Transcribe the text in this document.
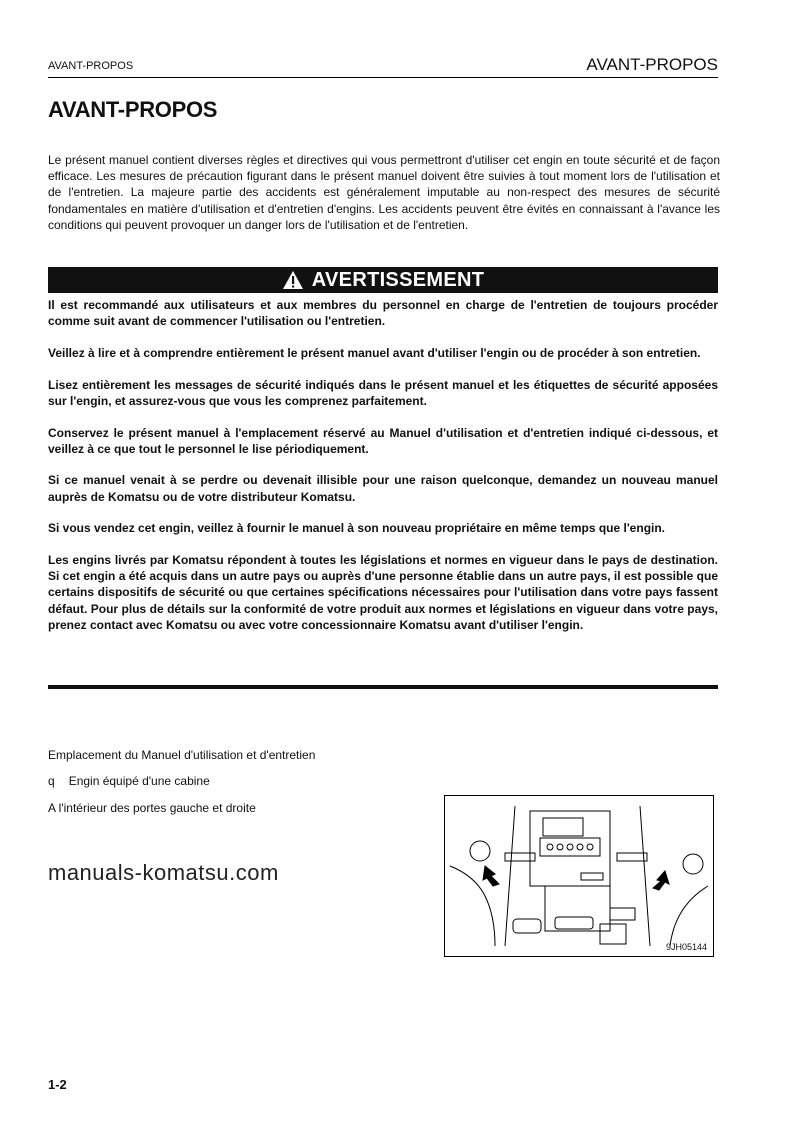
AVANT-PROPOS	AVANT-PROPOS
AVANT-PROPOS
Le présent manuel contient diverses règles et directives qui vous permettront d'utiliser cet engin en toute sécurité et de façon efficace. Les mesures de précaution figurant dans le présent manuel doivent être suivies à tout moment lors de l'utilisation et de l'entretien. La majeure partie des accidents est généralement imputable au non-respect des mesures de sécurité fondamentales en matière d'utilisation et d'entretien d'engins. Les accidents peuvent être évités en connaissant à l'avance les conditions qui peuvent provoquer un danger lors de l'utilisation et de l'entretien.
AVERTISSEMENT

Il est recommandé aux utilisateurs et aux membres du personnel en charge de l'entretien de toujours procéder comme suit avant de commencer l'utilisation ou l'entretien.

Veillez à lire et à comprendre entièrement le présent manuel avant d'utiliser l'engin ou de procéder à son entretien.

Lisez entièrement les messages de sécurité indiqués dans le présent manuel et les étiquettes de sécurité apposées sur l'engin, et assurez-vous que vous les comprenez parfaitement.

Conservez le présent manuel à l'emplacement réservé au Manuel d'utilisation et d'entretien indiqué ci-dessous, et veillez à ce que tout le personnel le lise périodiquement.

Si ce manuel venait à se perdre ou devenait illisible pour une raison quelconque, demandez un nouveau manuel auprès de Komatsu ou de votre distributeur Komatsu.

Si vous vendez cet engin, veillez à fournir le manuel à son nouveau propriétaire en même temps que l'engin.

Les engins livrés par Komatsu répondent à toutes les législations et normes en vigueur dans le pays de destination. Si cet engin a été acquis dans un autre pays ou auprès d'une personne établie dans un autre pays, il est possible que certains dispositifs de sécurité ou que certaines spécifications nécessaires pour l'utilisation dans votre pays fassent défaut. Pour plus de détails sur la conformité de votre produit aux normes et législations en vigueur dans votre pays, prenez contact avec Komatsu ou avec votre concessionnaire Komatsu avant d'utiliser l'engin.

Emplacement du Manuel d'utilisation et d'entretien
q Engin équipé d'une cabine
A l'intérieur des portes gauche et droite
manuals-komatsu.com
9JH05144
1-2
